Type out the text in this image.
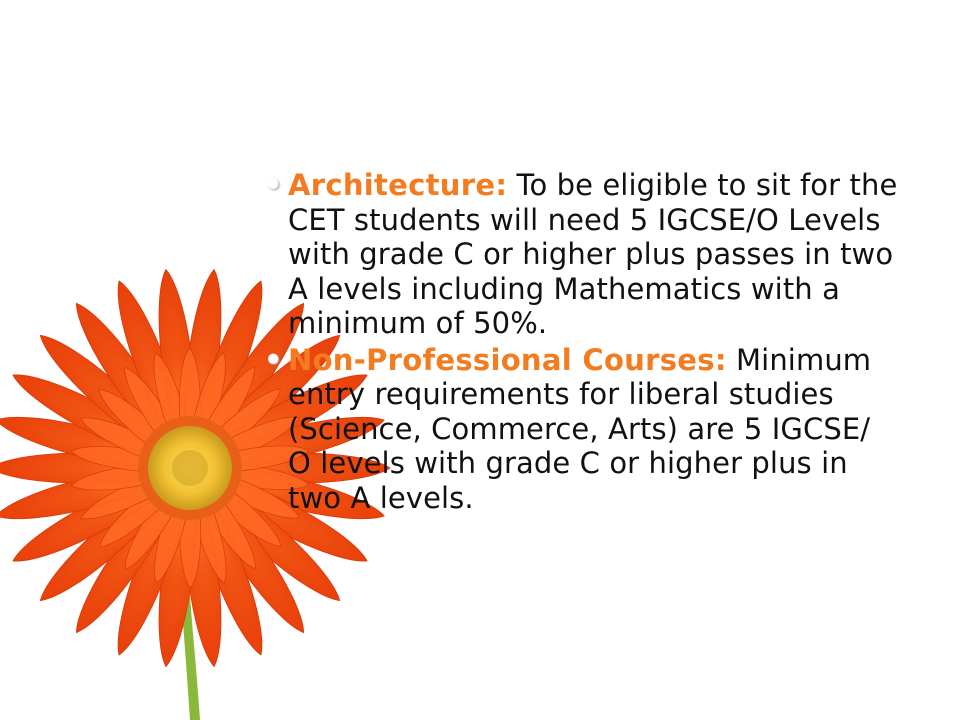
• Architecture: To be eligible to sit for the CET students will need 5 IGCSE/O Levels with grade C or higher plus passes in two A levels including Mathematics with a minimum of 50%.
• Non-Professional Courses: Minimum entry requirements for liberal studies (Science, Commerce, Arts) are 5 IGCSE/ O levels with grade C or higher plus in two A levels.
